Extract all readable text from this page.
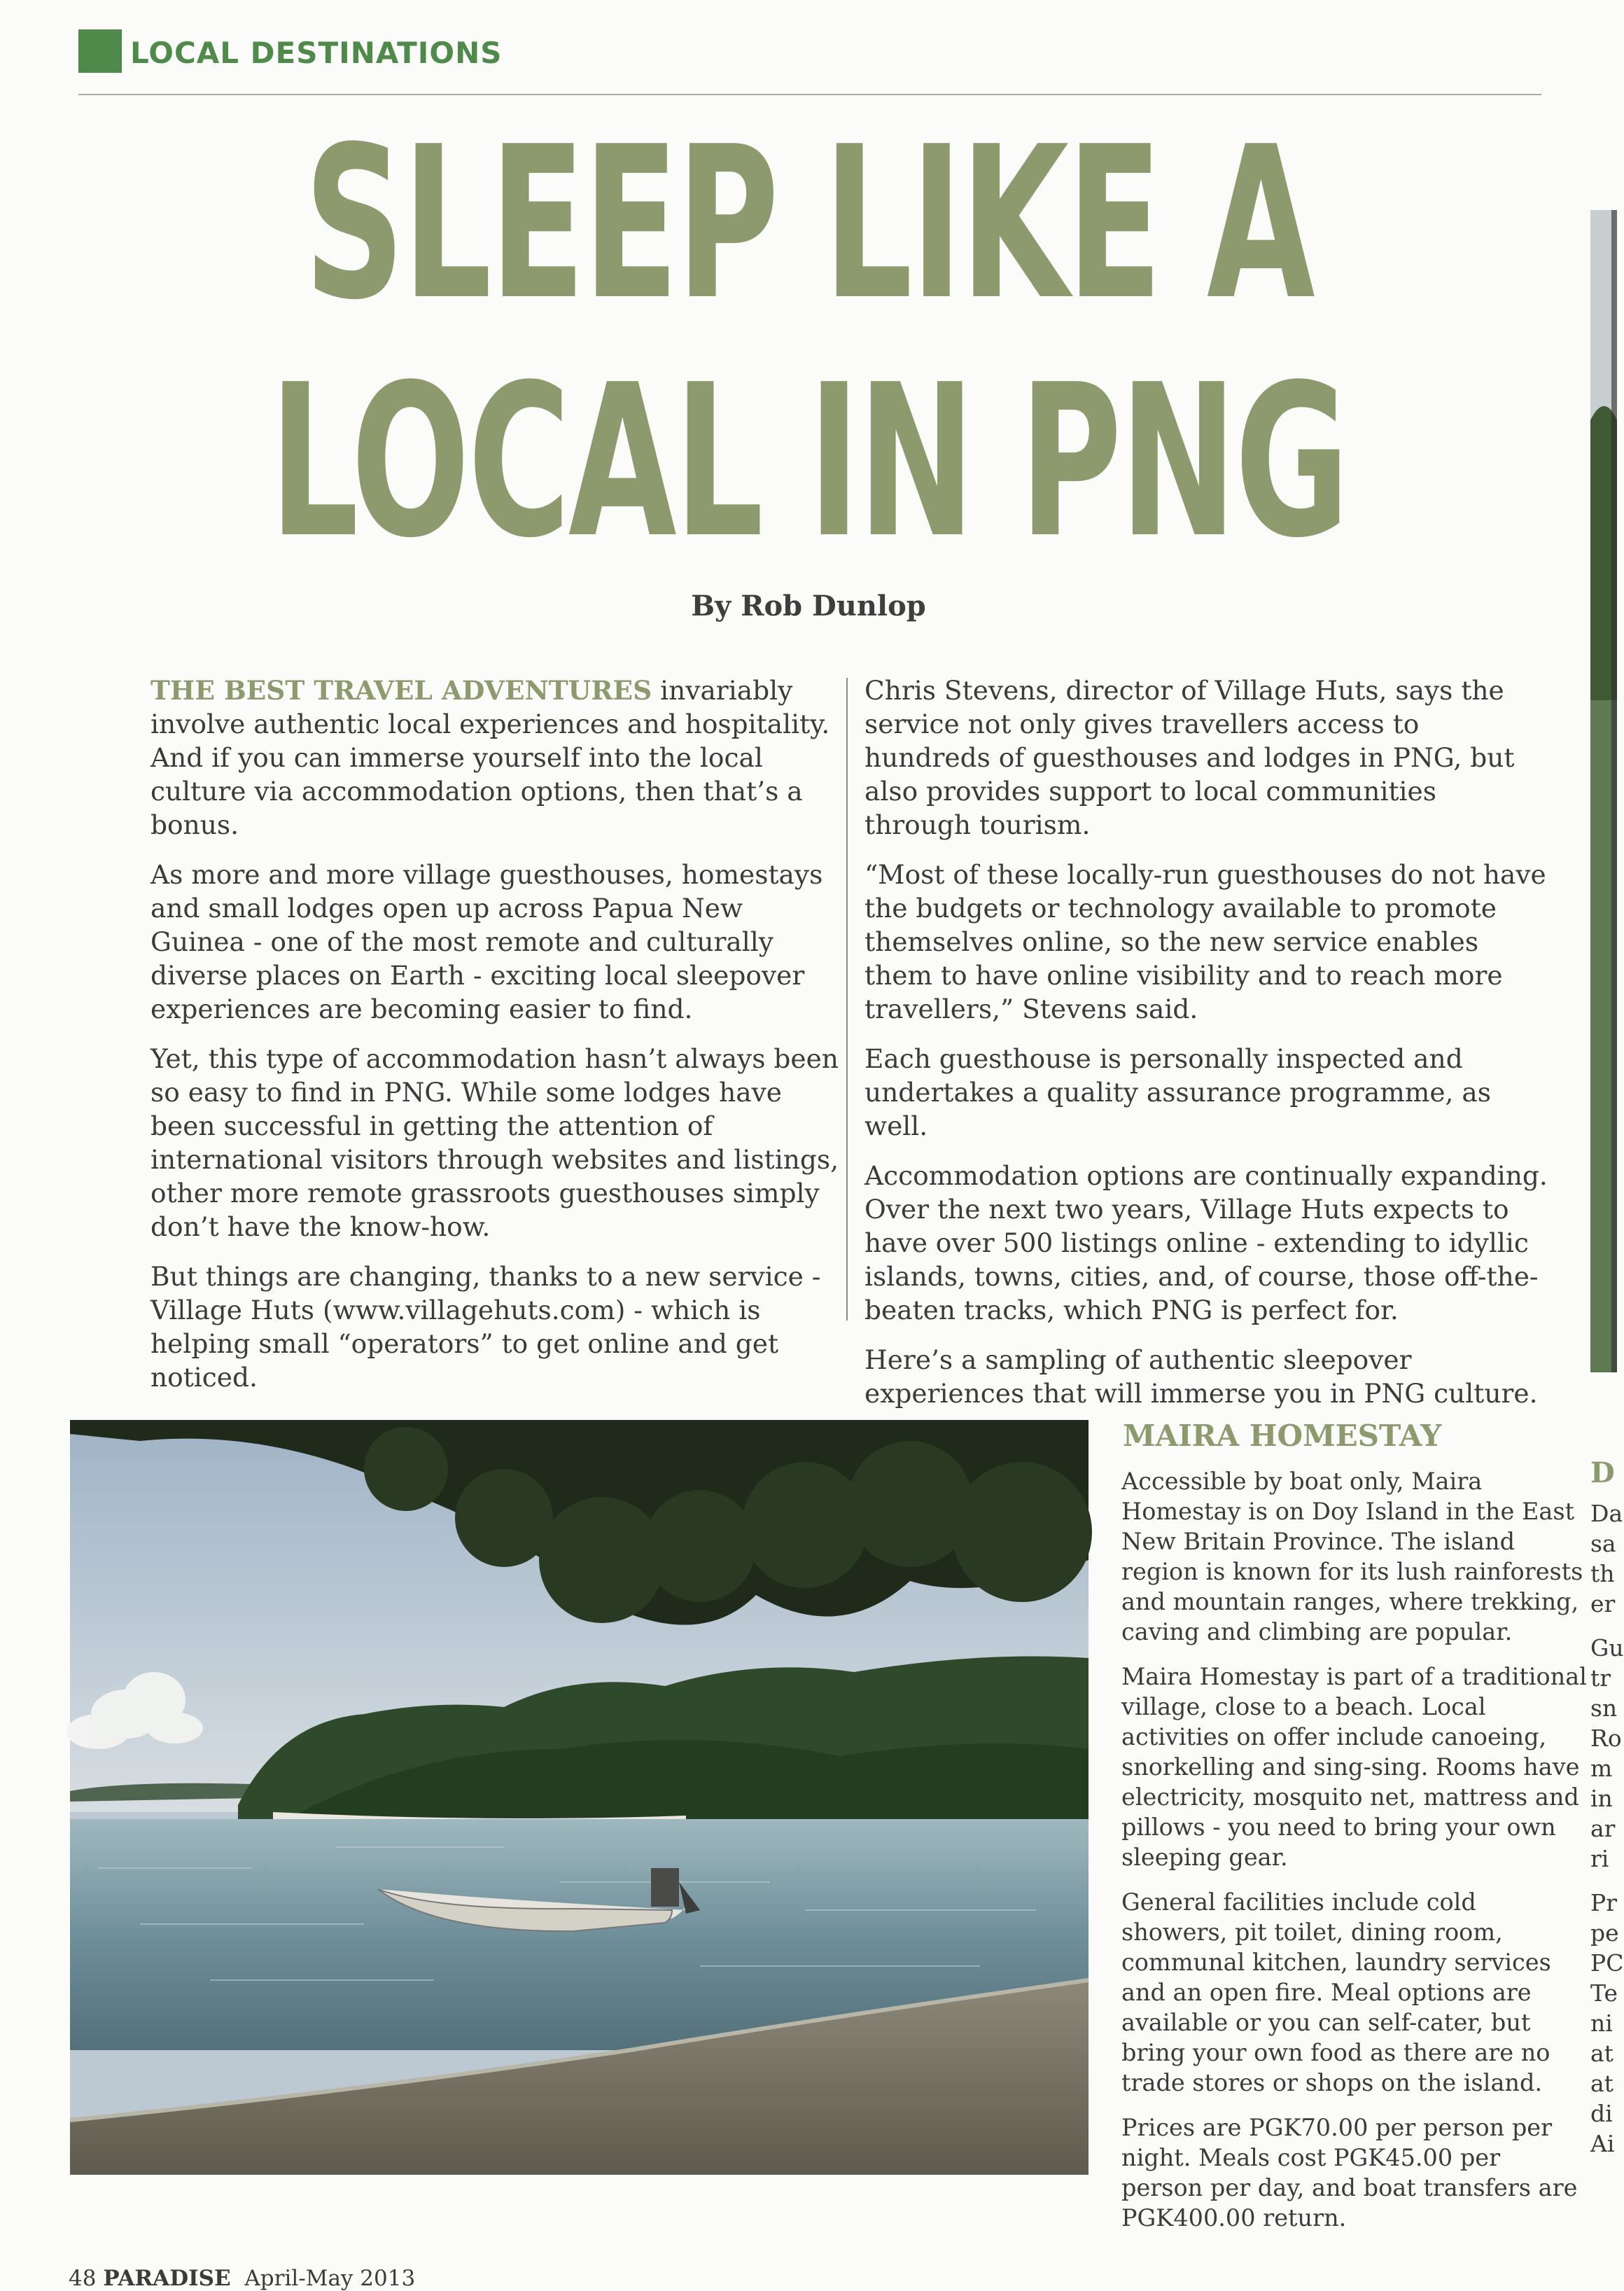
LOCAL DESTINATIONS
SLEEP LIKE A
LOCAL IN PNG
By Rob Dunlop

THE BEST TRAVEL ADVENTURES invariably involve authentic local experiences and hospitality. And if you can immerse yourself into the local culture via accommodation options, then that’s a bonus.

As more and more village guesthouses, homestays and small lodges open up across Papua New Guinea - one of the most remote and culturally diverse places on Earth - exciting local sleepover experiences are becoming easier to find.

Yet, this type of accommodation hasn’t always been so easy to find in PNG. While some lodges have been successful in getting the attention of international visitors through websites and listings, other more remote grassroots guesthouses simply don’t have the know-how.

But things are changing, thanks to a new service - Village Huts (www.villagehuts.com) - which is helping small “operators” to get online and get noticed.

Chris Stevens, director of Village Huts, says the service not only gives travellers access to hundreds of guesthouses and lodges in PNG, but also provides support to local communities through tourism.

“Most of these locally-run guesthouses do not have the budgets or technology available to promote themselves online, so the new service enables them to have online visibility and to reach more travellers,” Stevens said.

Each guesthouse is personally inspected and undertakes a quality assurance programme, as well.

Accommodation options are continually expanding. Over the next two years, Village Huts expects to have over 500 listings online - extending to idyllic islands, towns, cities, and, of course, those off-the-beaten tracks, which PNG is perfect for.

Here’s a sampling of authentic sleepover experiences that will immerse you in PNG culture.

MAIRA HOMESTAY

Accessible by boat only, Maira Homestay is on Doy Island in the East New Britain Province. The island region is known for its lush rainforests and mountain ranges, where trekking, caving and climbing are popular.

Maira Homestay is part of a traditional village, close to a beach. Local activities on offer include canoeing, snorkelling and sing-sing. Rooms have electricity, mosquito net, mattress and pillows - you need to bring your own sleeping gear.

General facilities include cold showers, pit toilet, dining room, communal kitchen, laundry services and an open fire. Meal options are available or you can self-cater, but bring your own food as there are no trade stores or shops on the island.

Prices are PGK70.00 per person per night. Meals cost PGK45.00 per person per day, and boat transfers are PGK400.00 return.

D
Da
sa
th
er
Gu
tr
sn
Ro
m
in
ar
ri
Pr
pe
PC
Te
ni
at
at
di
Ai
48 PARADISE April-May 2013
